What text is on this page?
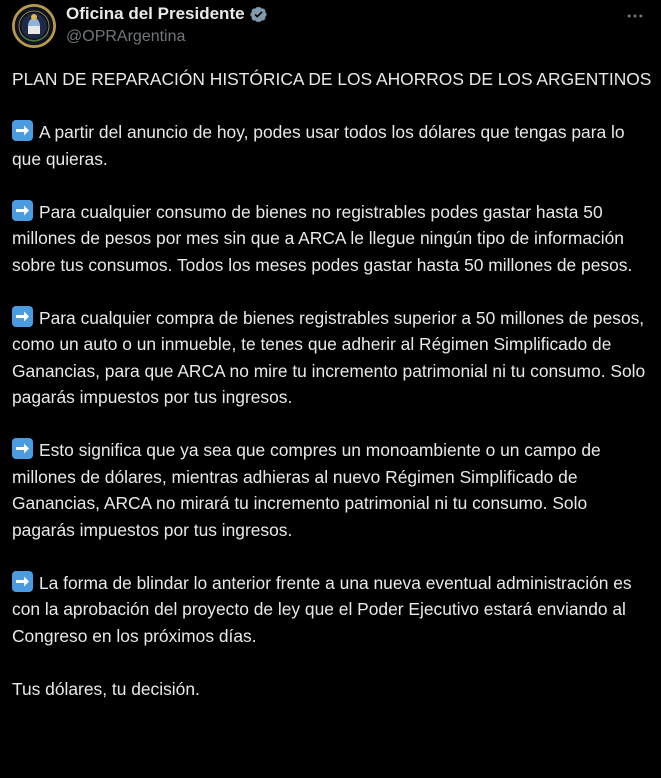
Oficina del Presidente
@OPRArgentina

PLAN DE REPARACIÓN HISTÓRICA DE LOS AHORROS DE LOS ARGENTINOS

A partir del anuncio de hoy, podes usar todos los dólares que tengas para lo que quieras.

Para cualquier consumo de bienes no registrables podes gastar hasta 50 millones de pesos por mes sin que a ARCA le llegue ningún tipo de información sobre tus consumos. Todos los meses podes gastar hasta 50 millones de pesos.

Para cualquier compra de bienes registrables superior a 50 millones de pesos, como un auto o un inmueble, te tenes que adherir al Régimen Simplificado de Ganancias, para que ARCA no mire tu incremento patrimonial ni tu consumo. Solo pagarás impuestos por tus ingresos.

Esto significa que ya sea que compres un monoambiente o un campo de millones de dólares, mientras adhieras al nuevo Régimen Simplificado de Ganancias, ARCA no mirará tu incremento patrimonial ni tu consumo. Solo pagarás impuestos por tus ingresos.

La forma de blindar lo anterior frente a una nueva eventual administración es con la aprobación del proyecto de ley que el Poder Ejecutivo estará enviando al Congreso en los próximos días.

Tus dólares, tu decisión.
